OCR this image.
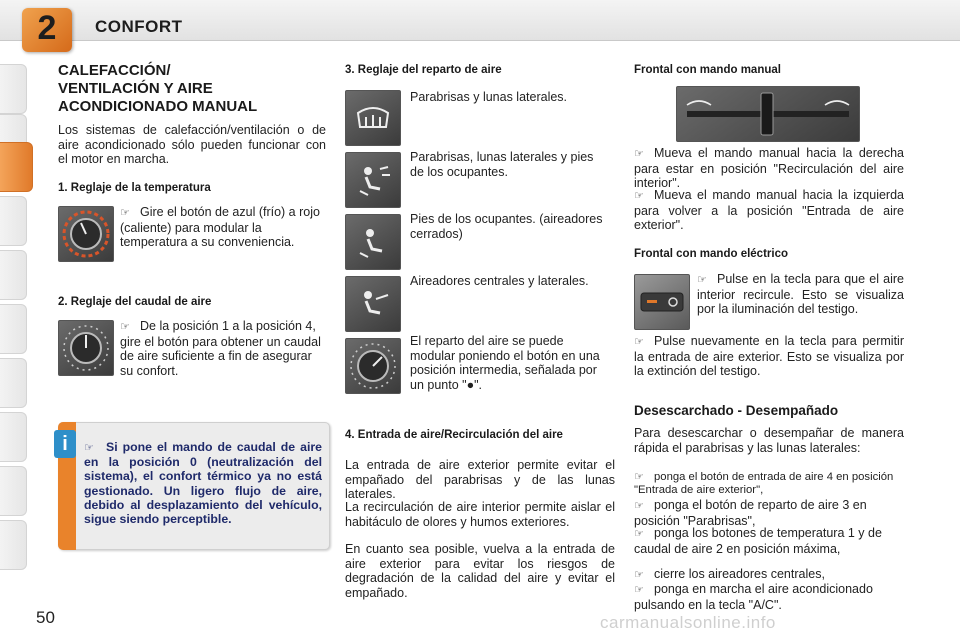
2	CONFORT
CALEFACCIÓN/
VENTILACIÓN Y AIRE
ACONDICIONADO MANUAL
Los sistemas de calefacción/ventilación o de aire acondicionado sólo pueden funcionar con el motor en marcha.
1. Reglaje de la temperatura
☞ Gire el botón de azul (frío) a rojo (caliente) para modular la temperatura a su conveniencia.
2. Reglaje del caudal de aire
☞ De la posición 1 a la posición 4, gire el botón para obtener un caudal de aire suficiente a fin de asegurar su confort.
i	☞ Si pone el mando de caudal de aire en la posición 0 (neutralización del sistema), el confort térmico ya no está gestionado. Un ligero flujo de aire, debido al desplazamiento del vehículo, sigue siendo perceptible.
3. Reglaje del reparto de aire
Parabrisas y lunas laterales.
Parabrisas, lunas laterales y pies de los ocupantes.
Pies de los ocupantes. (aireadores cerrados)
Aireadores centrales y laterales.
El reparto del aire se puede modular poniendo el botón en una posición intermedia, señalada por un punto "●".
4. Entrada de aire/Recirculación del aire
La entrada de aire exterior permite evitar el empañado del parabrisas y de las lunas laterales.
La recirculación de aire interior permite aislar el habitáculo de olores y humos exteriores.
En cuanto sea posible, vuelva a la entrada de aire exterior para evitar los riesgos de degradación de la calidad del aire y evitar el empañado.
Frontal con mando manual
☞ Mueva el mando manual hacia la derecha para estar en posición "Recirculación del aire interior".
☞ Mueva el mando manual hacia la izquierda para volver a la posición "Entrada de aire exterior".
Frontal con mando eléctrico
☞ Pulse en la tecla para que el aire interior recircule. Esto se visualiza por la iluminación del testigo.
☞ Pulse nuevamente en la tecla para permitir la entrada de aire exterior. Esto se visualiza por la extinción del testigo.
Desescarchado - Desempañado
Para desescarchar o desempañar de manera rápida el parabrisas y las lunas laterales:
☞ ponga el botón de entrada de aire 4 en posición "Entrada de aire exterior",
☞ ponga el botón de reparto de aire 3 en posición "Parabrisas",
☞ ponga los botones de temperatura 1 y de caudal de aire 2 en posición máxima,
☞ cierre los aireadores centrales,
☞ ponga en marcha el aire acondicionado pulsando en la tecla "A/C".
50	carmanualsonline.info
